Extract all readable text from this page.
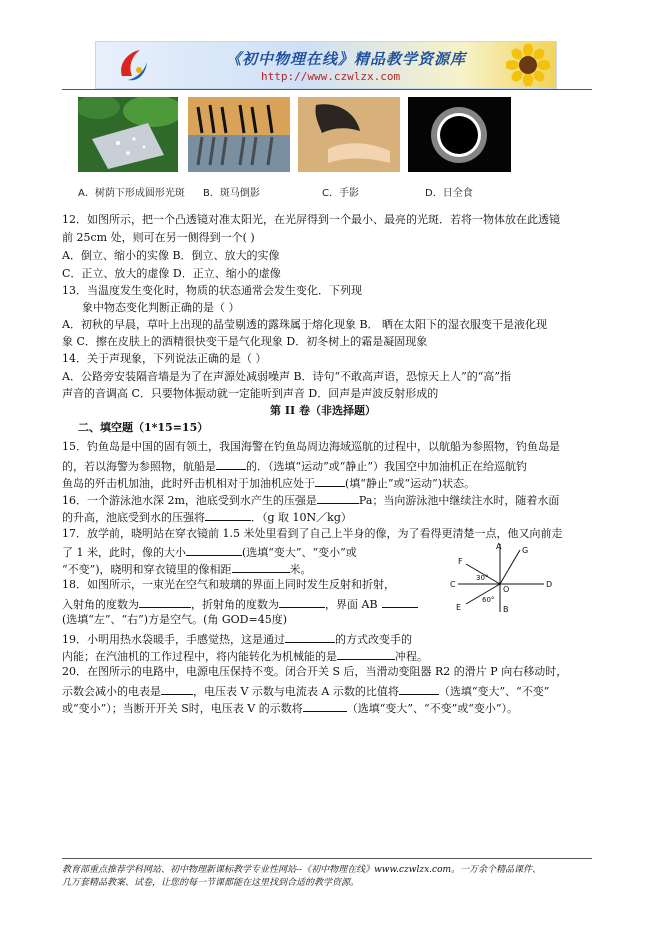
《初中物理在线》精品教学资源库
http://www.czwlzx.com
A．树荫下形成圆形光斑 B．斑马倒影	C．手影	D．日全食
12．如图所示，把一个凸透镜对准太阳光，在光屏得到一个最小、最亮的光斑．若将一物体放在此透镜
前 25cm 处，则可在另一侧得到一个( )
A．倒立、缩小的实像 B．倒立、放大的实像
C．正立、放大的虚像 D．正立、缩小的虚像
13．当温度发生变化时，物质的状态通常会发生变化．下列现
象中物态变化判断正确的是（ ）
A．初秋的早晨，草叶上出现的晶莹剔透的露珠属于熔化现象 B． 晒在太阳下的湿衣服变干是液化现
象 C．擦在皮肤上的酒精很快变干是气化现象 D．初冬树上的霜是凝固现象
14．关于声现象，下列说法正确的是（ ）
A．公路旁安装隔音墙是为了在声源处减弱噪声 B．诗句“不敢高声语，恐惊天上人”的“高”指
声音的音调高 C．只要物体振动就一定能听到声音 D．回声是声波反射形成的
第 II 卷（非选择题）
二、填空题（1*15=15）
15．钓鱼岛是中国的固有领土，我国海警在钓鱼岛周边海域巡航的过程中，以航船为参照物，钓鱼岛是
的，若以海警为参照物，航船是	的．（选填“运动”或“静止”）我国空中加油机正在给巡航钓
鱼岛的歼击机加油，此时歼击机相对于加油机应处于	(填“静止”或“运动”)状态。
16．一个游泳池水深 2m，池底受到水产生的压强是	Pa；当向游泳池中继续注水时，随着水面
的升高，池底受到水的压强将	．（g 取 10N／kg）
17．放学前，晓明站在穿衣镜前 1.5 米处里看到了自己上半身的像，为了看得更清楚一点，他又向前走
了 1 米，此时，像的大小	(选填“变大”、“变小”或
“不变”)，晓明和穿衣镜里的像相距	米。
18．如图所示，一束光在空气和玻璃的界面上同时发生反射和折射，
入射角的度数为	，折射角的度数为	，界面 AB
(选填“左”、“右”)方是空气。(角 GOD=45度)
A	G
F
D
C
O
E	B
30°
60°
19．小明用热水袋暖手，手感觉热，这是通过	的方式改变手的
内能；在汽油机的工作过程中，将内能转化为机械能的是	冲程。
20．在图所示的电路中，电源电压保持不变。闭合开关 S 后，当滑动变阻器 R2 的滑片 P 向右移动时，
示数会减小的电表是	，电压表 V 示数与电流表 A 示数的比值将	（选填“变大”、“不变”
或“变小”）；当断开开关 S时，电压表 V 的示数将	（选填“变大”、“不变”或“变小”）。
教育部重点推荐学科网站、初中物理新课标教学专业性网站--《初中物理在线》www.czwlzx.com。一万余个精品课件、
几万套精品教案、试卷，让您的每一节课都能在这里找到合适的教学资源。
